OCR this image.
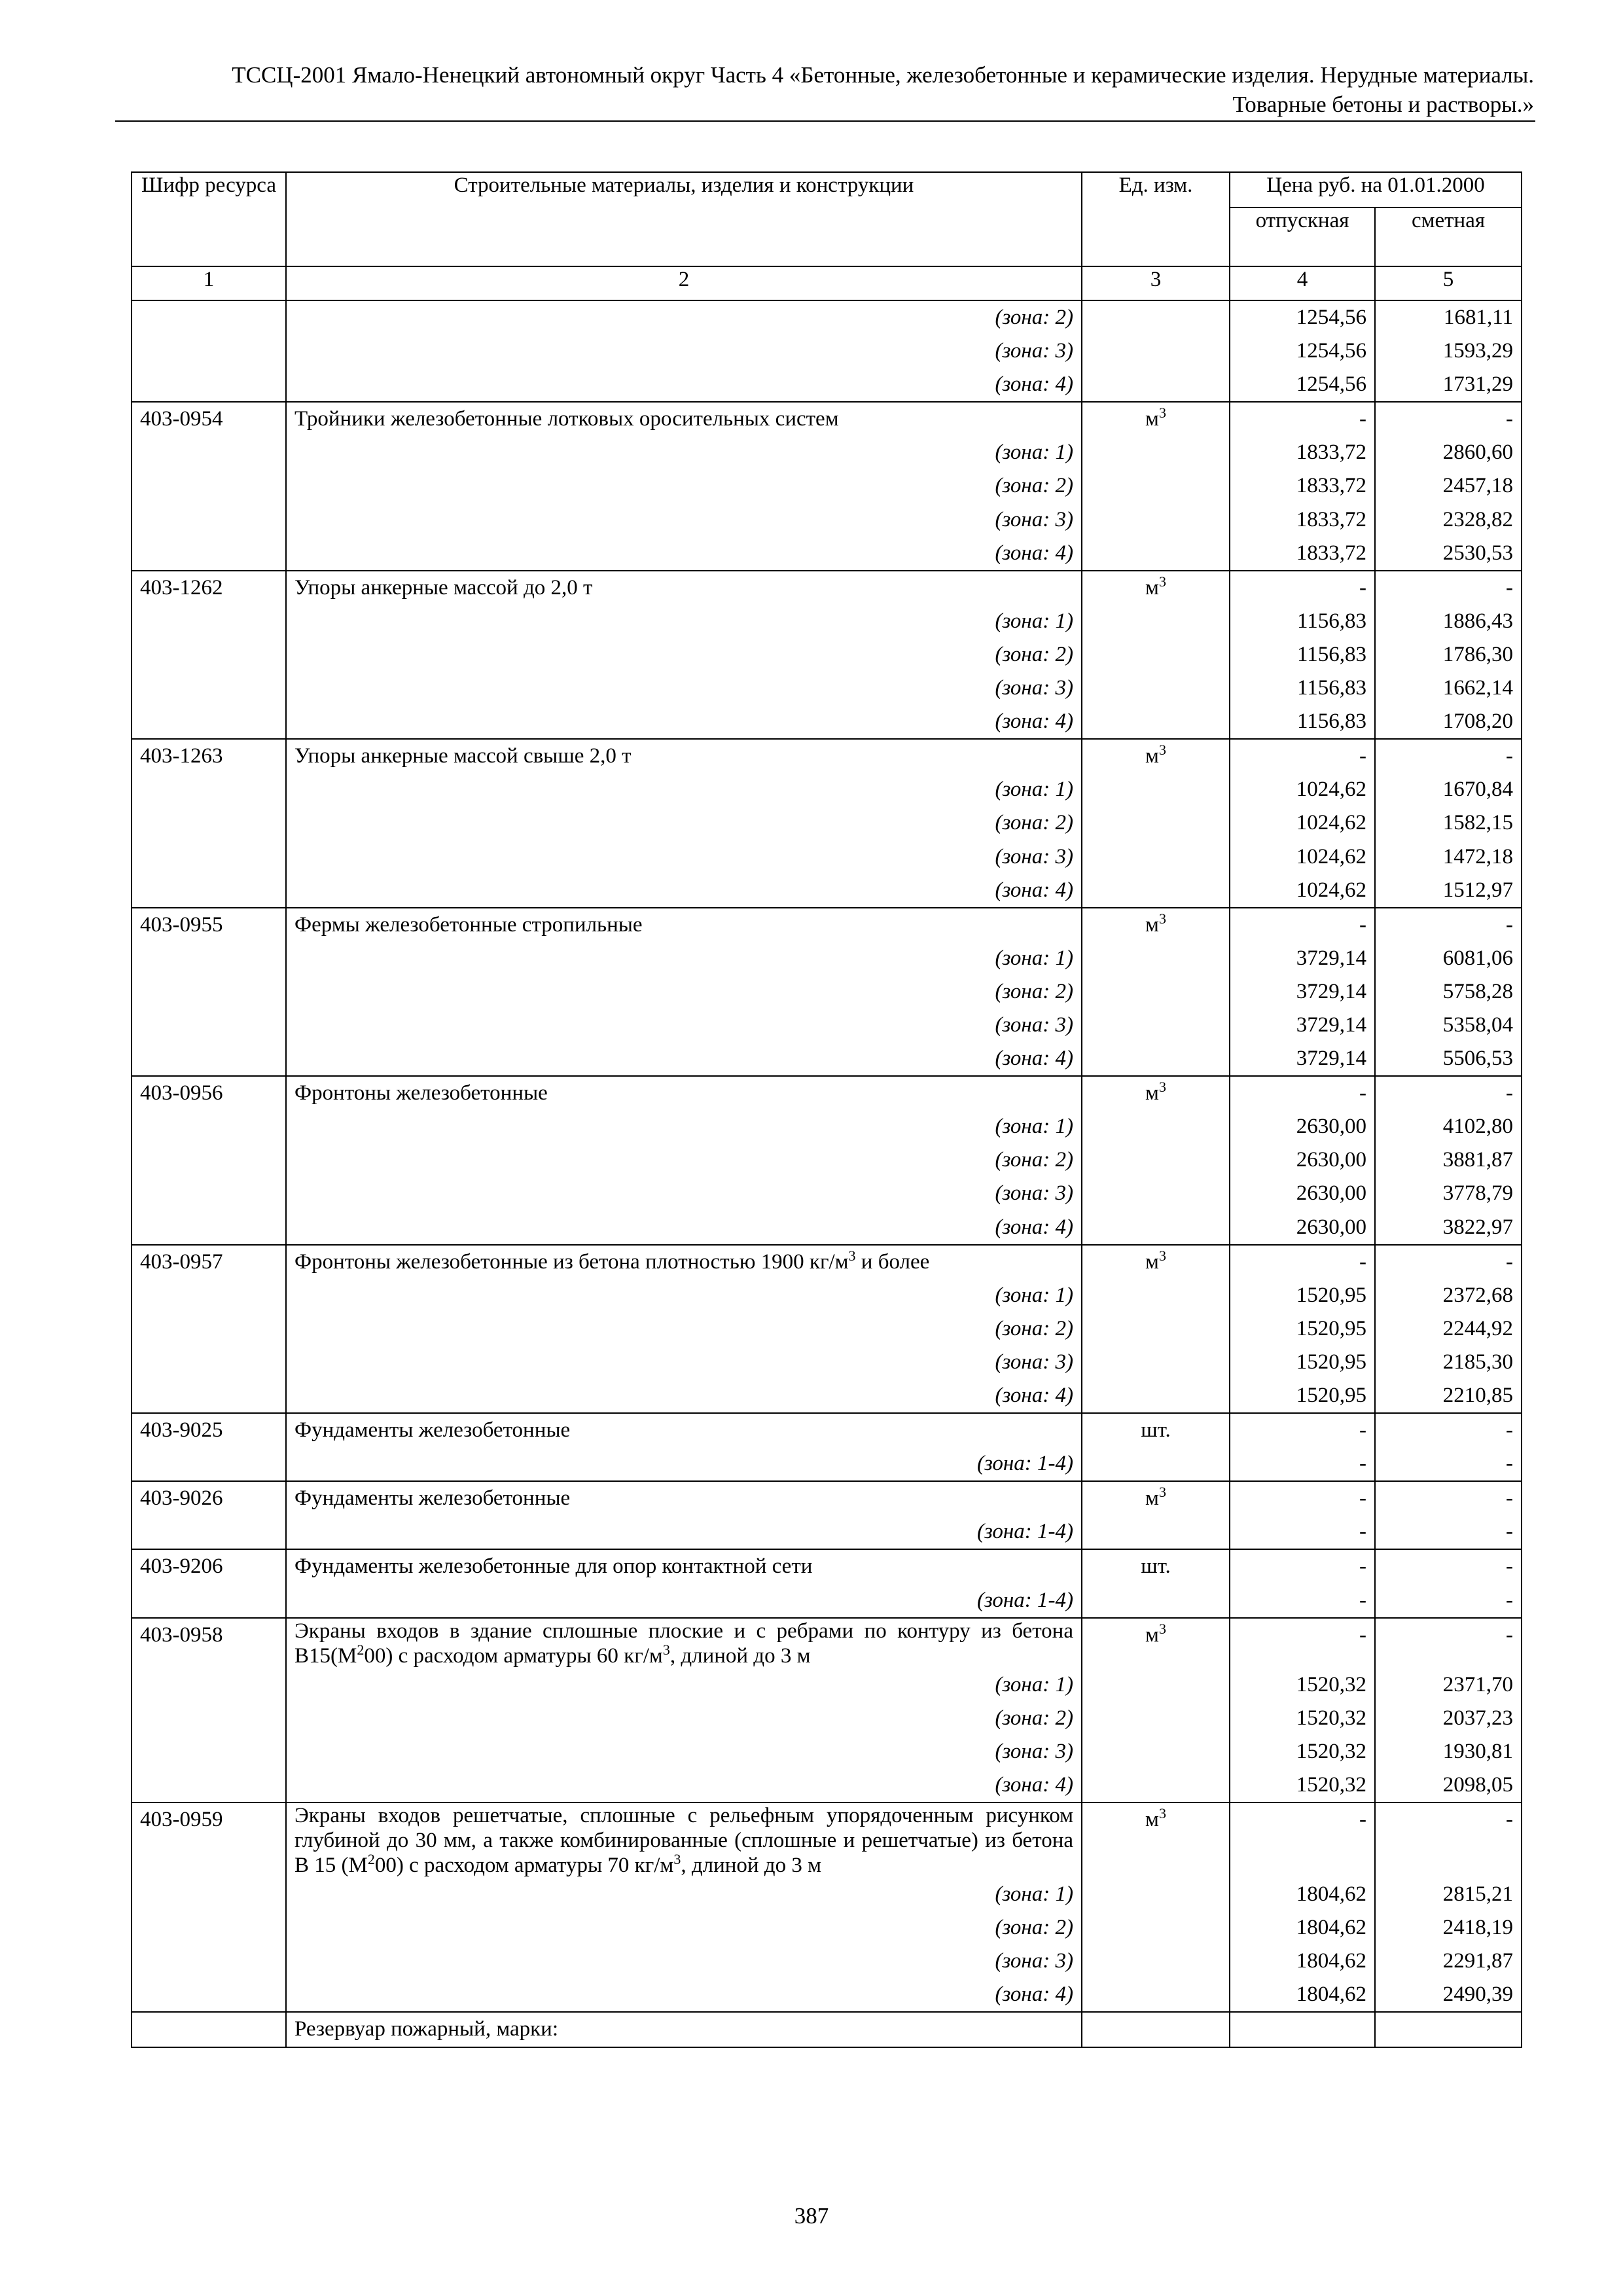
ТССЦ-2001 Ямало-Ненецкий автономный округ Часть 4 «Бетонные, железобетонные и керамические изделия. Нерудные материалы.
Товарные бетоны и растворы.»
Шифр ресурса	Строительные материалы, изделия и конструкции	Ед. изм.	Цена руб. на 01.01.2000	
			отпускная	сметная
1	2	3	4	5
	(зона: 2)		1254,56	1681,11
	(зона: 3)		1254,56	1593,29
	(зона: 4)		1254,56	1731,29
403-0954	Тройники железобетонные лотковых оросительных систем	$м^3$	-	-
	(зона: 1)		1833,72	2860,60
	(зона: 2)		1833,72	2457,18
	(зона: 3)		1833,72	2328,82
	(зона: 4)		1833,72	2530,53
403-1262	Упоры анкерные массой до 2,0 т	$м^3$	-	-
	(зона: 1)		1156,83	1886,43
	(зона: 2)		1156,83	1786,30
	(зона: 3)		1156,83	1662,14
	(зона: 4)		1156,83	1708,20
403-1263	Упоры анкерные массой свыше 2,0 т	$м^3$	-	-
	(зона: 1)		1024,62	1670,84
	(зона: 2)		1024,62	1582,15
	(зона: 3)		1024,62	1472,18
	(зона: 4)		1024,62	1512,97
403-0955	Фермы железобетонные стропильные	$м^3$	-	-
	(зона: 1)		3729,14	6081,06
	(зона: 2)		3729,14	5758,28
	(зона: 3)		3729,14	5358,04
	(зона: 4)		3729,14	5506,53
403-0956	Фронтоны железобетонные	$м^3$	-	-
	(зона: 1)		2630,00	4102,80
	(зона: 2)		2630,00	3881,87
	(зона: 3)		2630,00	3778,79
	(зона: 4)		2630,00	3822,97
403-0957	Фронтоны железобетонные из бетона плотностью 1900 $кг/м^3$ и более	$м^3$	-	-
	(зона: 1)		1520,95	2372,68
	(зона: 2)		1520,95	2244,92
	(зона: 3)		1520,95	2185,30
	(зона: 4)		1520,95	2210,85
403-9025	Фундаменты железобетонные	шт.	-	-
	(зона: 1-4)		-	-
403-9026	Фундаменты железобетонные	$м^3$	-	-
	(зона: 1-4)		-	-
403-9206	Фундаменты железобетонные для опор контактной сети	шт.	-	-
	(зона: 1-4)		-	-
403-0958	Экраны входов в здание сплошные плоские и с ребрами по контуру из бетона $В15(М^200)$ с расходом арматуры 60 $кг/м^3$, длиной до 3 м	$м^3$	-	-
	(зона: 1)		1520,32	2371,70
	(зона: 2)		1520,32	2037,23
	(зона: 3)		1520,32	1930,81
	(зона: 4)		1520,32	2098,05
403-0959	Экраны входов решетчатые, сплошные с рельефным упорядоченным рисунком глубиной до 30 мм, а также комбинированные (сплошные и решетчатые) из бетона В 15 $(М^200)$ с расходом арматуры 70 $кг/м^3$, длиной до 3 м	$м^3$	-	-
	(зона: 1)		1804,62	2815,21
	(зона: 2)		1804,62	2418,19
	(зона: 3)		1804,62	2291,87
	(зона: 4)		1804,62	2490,39
	Резервуар пожарный, марки:			
387
